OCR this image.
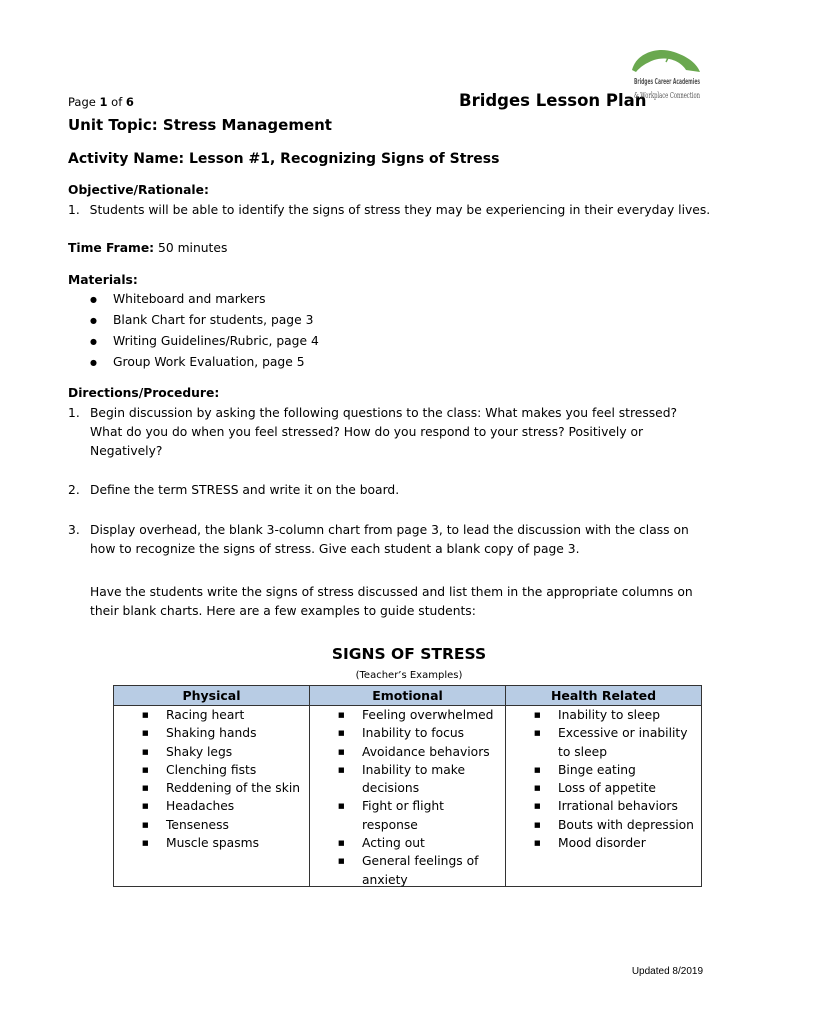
Page 1 of 6	Bridges Lesson Plan
Bridges Career Academies
& Workplace Connection
Unit Topic: Stress Management
Activity Name: Lesson #1, Recognizing Signs of Stress
Objective/Rationale:
1. Students will be able to identify the signs of stress they may be experiencing in their everyday lives.
Time Frame: 50 minutes
Materials:
● Whiteboard and markers
● Blank Chart for students, page 3
● Writing Guidelines/Rubric, page 4
● Group Work Evaluation, page 5
Directions/Procedure:
1. Begin discussion by asking the following questions to the class: What makes you feel stressed? What do you do when you feel stressed? How do you respond to your stress? Positively or Negatively?
2. Define the term STRESS and write it on the board.
3. Display overhead, the blank 3-column chart from page 3, to lead the discussion with the class on how to recognize the signs of stress. Give each student a blank copy of page 3.
Have the students write the signs of stress discussed and list them in the appropriate columns on their blank charts. Here are a few examples to guide students:
SIGNS OF STRESS
(Teacher’s Examples)
Physical
■ Racing heart
■ Shaking hands
■ Shaky legs
■ Clenching fists
■ Reddening of the skin
■ Headaches
■ Tenseness
■ Muscle spasms
Emotional
■ Feeling overwhelmed
■ Inability to focus
■ Avoidance behaviors
■ Inability to make decisions
■ Fight or flight response
■ Acting out
■ General feelings of anxiety
Health Related
■ Inability to sleep
■ Excessive or inability to sleep
■ Binge eating
■ Loss of appetite
■ Irrational behaviors
■ Bouts with depression
■ Mood disorder
Updated 8/2019
